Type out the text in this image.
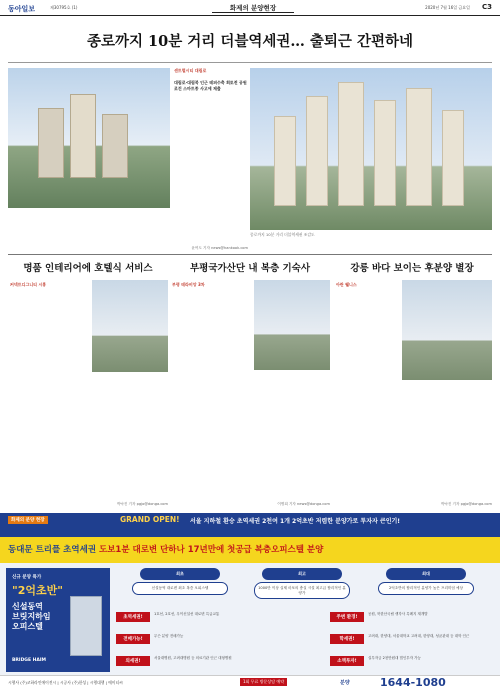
동아일보	제30795호 (1)	화제의 분양현장	2020년 7월 16일 금요일 C3
종로까지 10분 거리 더블역세권… 출퇴근 간편하네
센트럴시티 대림로
대림로·대림북 인근 테퍼수축 회토전 공원 로건 스마트종 사고에 제출
종로까지 10분 거리 더블역세권 조감도
윤여도 기자 news@hankook.com
명품 인테리어에 호텔식 서비스	부평국가산단 내 복층 기숙사	강릉 바다 보이는 후분양 별장
커넥트디그니티 시흥	부평 테라비앙 3차	아란 웰니스
박낙진 기자 pgjo@donga.com	이병희 기자 news@donga.com	박낙진 기자 pgjo@donga.com
화제의 분양 현장	GRAND OPEN! 서울 지하철 환승 초역세권 2천여 1개 2억초반 저렴한 분양가로 투자자 큰인기!
동대문 트리플 초역세권 도보1분 대로변 단하나 17년만에 첫공급 복층오피스텔 분양
신규 분양 특가
"2억초반"
신설동역
브릿지하임
오피스텔
BRIDGE HAIM
최초	최고	최대
신설동역 대로변 최초 복층 오피스텔	1000만 이상 실제 마포의 충실 시설 최고급 합리적인 분양가
2억초반의 합리적인 분양가 높은 프리미엄 예상
초역세권!
1호선, 2호선, 우이신설선 대로변 특급교통
주변 환경!
공원, 북한산국립 생각사 특례지 재개발
전매가능!
무슨 분양 전매가능
학세권!
고려대, 한양대, 서울대학교 고려대, 한양대, 성균관대 등 대학 인근
의세권!
서울대병원, 고려대병원 등 의료기관 인근 대형병원
소액투자!
실투자금 2천만원대 법인투자 가능
시행사 (주)코하라인에이전시 | 시공사 (주)한성 | 시행대행 | 에이티씨	1회 무료 방문상담 예약	분양	1644-1080
